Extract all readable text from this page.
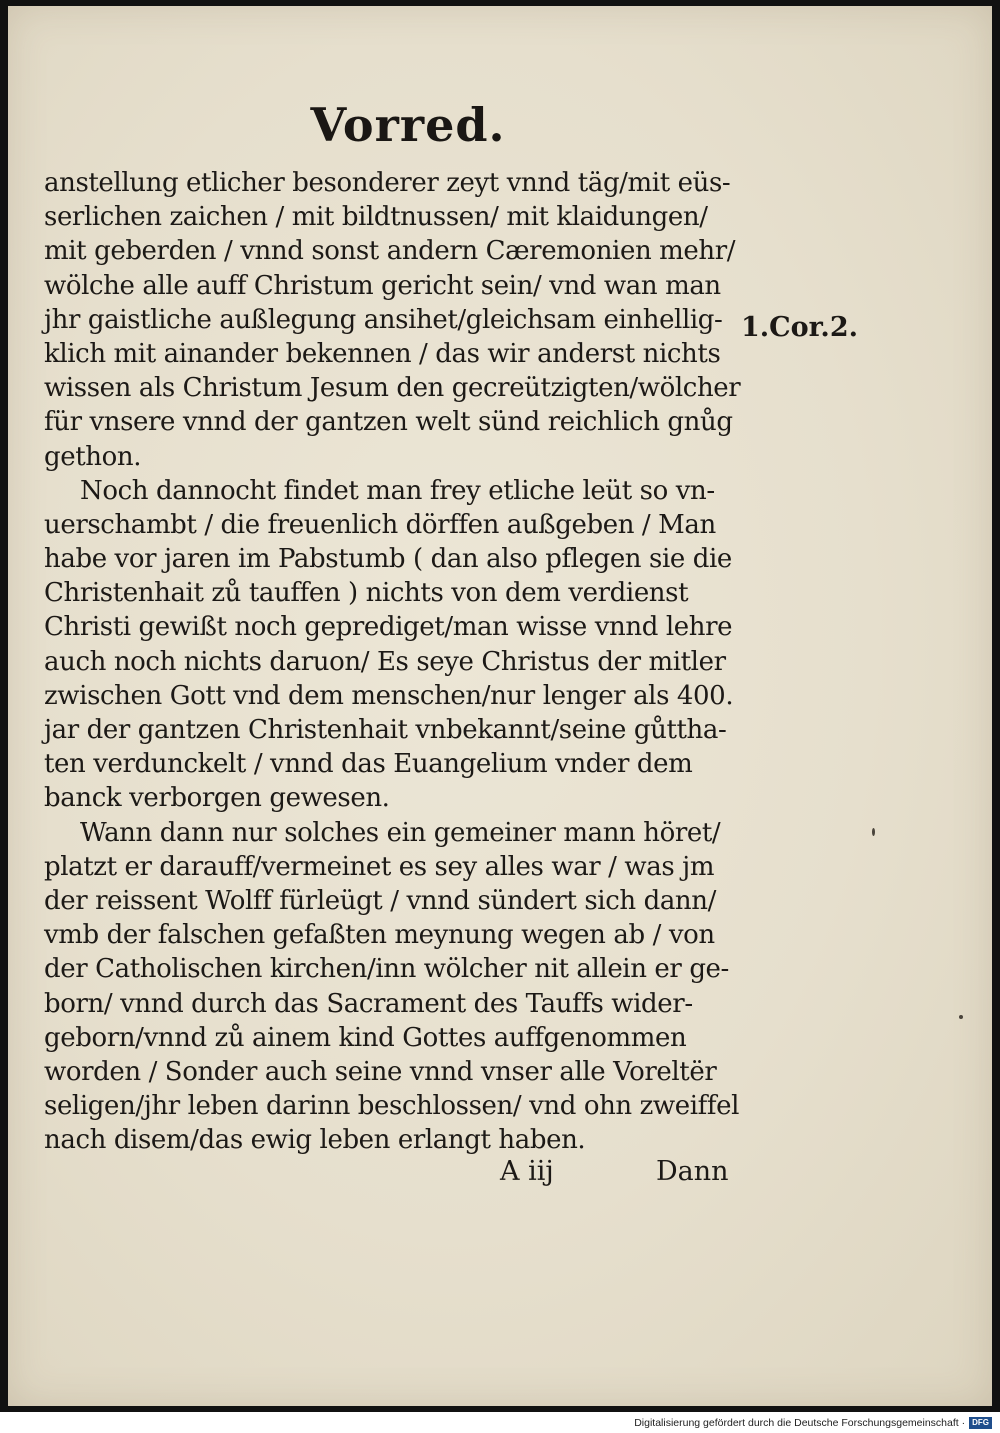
Vorred.
anstellung etlicher besonderer zeyt vnnd täg/mit eüs-
serlichen zaichen / mit bildtnussen/ mit klaidungen/
mit geberden / vnnd sonst andern Cæremonien mehr/
wölche alle auff Christum gericht sein/ vnd wan man
jhr gaistliche außlegung ansihet/gleichsam einhellig-
klich mit ainander bekennen / das wir anderst nichts
wissen als Christum Jesum den gecreützigten/wölcher
für vnsere vnnd der gantzen welt sünd reichlich gnůg
gethon.
Noch dannocht findet man frey etliche leüt so vn-
uerschambt / die freuenlich dörffen außgeben / Man
habe vor jaren im Pabstumb ( dan also pflegen sie die
Christenhait zů tauffen ) nichts von dem verdienst
Christi gewißt noch geprediget/man wisse vnnd lehre
auch noch nichts daruon/ Es seye Christus der mitler
zwischen Gott vnd dem menschen/nur lenger als 400.
jar der gantzen Christenhait vnbekannt/seine gůttha-
ten verdunckelt / vnnd das Euangelium vnder dem
banck verborgen gewesen.
Wann dann nur solches ein gemeiner mann höret/
platzt er darauff/vermeinet es sey alles war / was jm
der reissent Wolff fürleügt / vnnd sündert sich dann/
vmb der falschen gefaßten meynung wegen ab / von
der Catholischen kirchen/inn wölcher nit allein er ge-
born/ vnnd durch das Sacrament des Tauffs wider-
geborn/vnnd zů ainem kind Gottes auffgenommen
worden / Sonder auch seine vnnd vnser alle Voreltër
seligen/jhr leben darinn beschlossen/ vnd ohn zweiffel
nach disem/das ewig leben erlangt haben.
1.Cor.2.
A iij	Dann
Digitalisierung gefördert durch die Deutsche Forschungsgemeinschaft · DFG
